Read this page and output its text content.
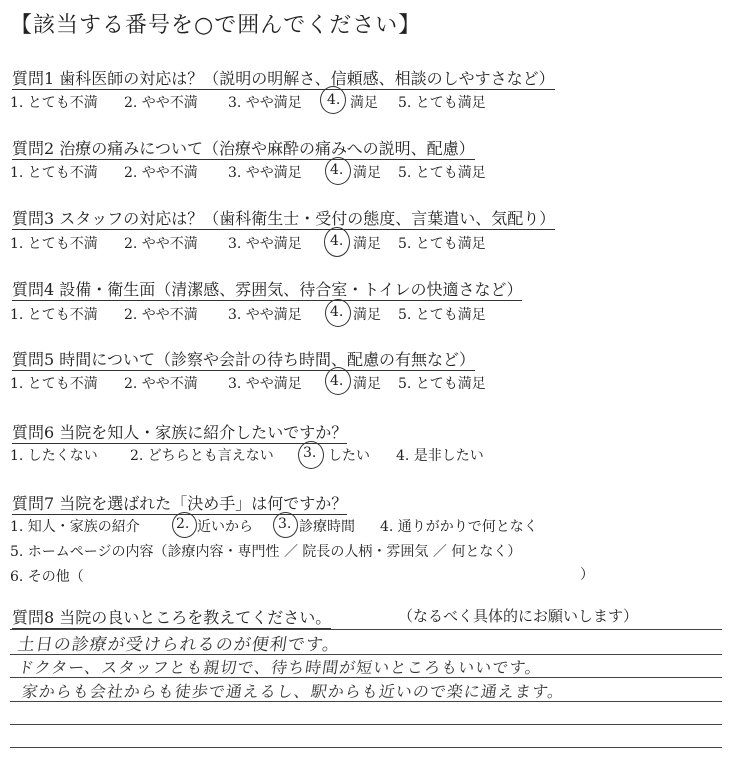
【該当する番号を○で囲んでください】
質問1 歯科医師の対応は？（説明の明解さ、信頼感、相談のしやすさなど）
1. とても不満 2. やや不満 3. やや満足 4. 満足 5. とても満足
質問2 治療の痛みについて（治療や麻酔の痛みへの説明、配慮）
1. とても不満 2. やや不満 3. やや満足 4. 満足 5. とても満足
質問3 スタッフの対応は？（歯科衛生士・受付の態度、言葉遣い、気配り）
1. とても不満 2. やや不満 3. やや満足 4. 満足 5. とても満足
質問4 設備・衛生面（清潔感、雰囲気、待合室・トイレの快適さなど）
1. とても不満 2. やや不満 3. やや満足 4. 満足 5. とても満足
質問5 時間について（診察や会計の待ち時間、配慮の有無など）
1. とても不満 2. やや不満 3. やや満足 4. 満足 5. とても満足
質問6 当院を知人・家族に紹介したいですか？
1. したくない 2. どちらとも言えない 3. したい 4. 是非したい
質問7 当院を選ばれた「決め手」は何ですか？
1. 知人・家族の紹介	2. 近いから 3. 診療時間 4. 通りがかりで何となく
5. ホームページの内容（診療内容・専門性 ／ 院長の人柄・雰囲気 ／ 何となく）
6. その他（	）
質問8 当院の良いところを教えてください。	（なるべく具体的にお願いします）
土日の診療が受けられるのが便利です。
ドクター、スタッフとも親切で、待ち時間が短いところもいいです。
家からも会社からも徒歩で通えるし、駅からも近いので楽に通えます。
